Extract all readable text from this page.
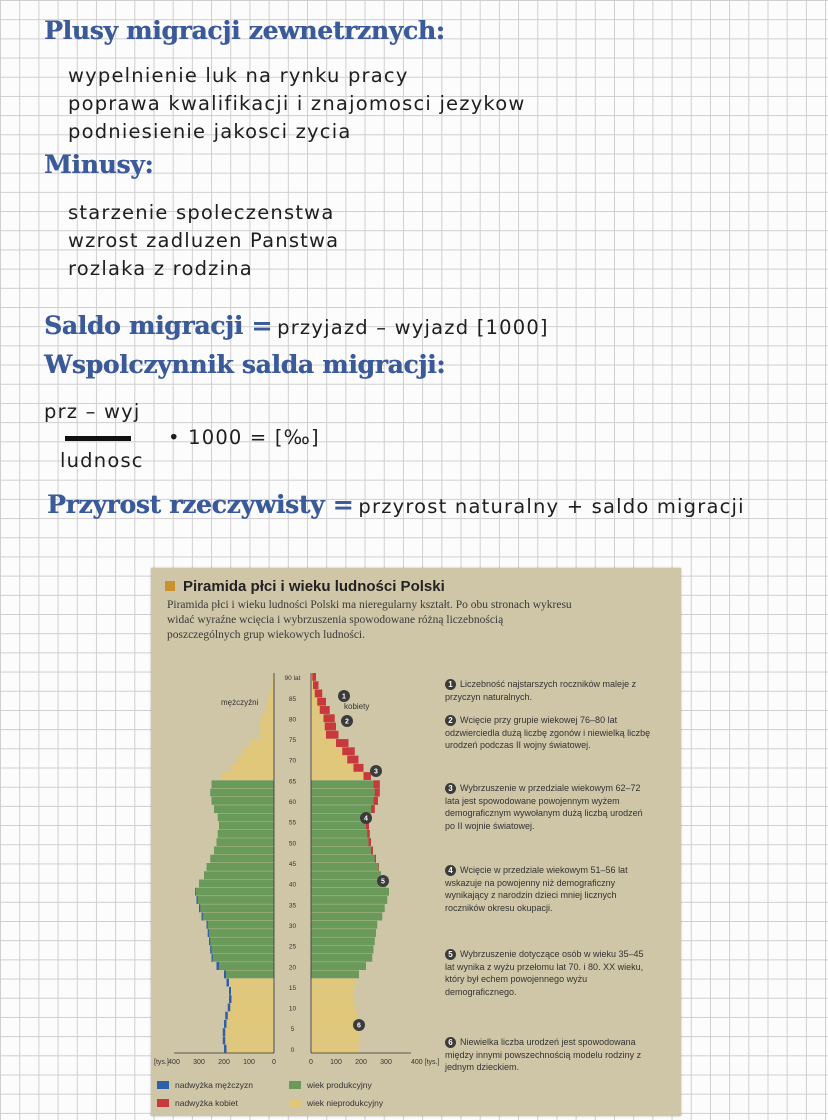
Plusy migracji zewnetrznych:
wypelnienie luk na rynku pracy
poprawa kwalifikacji i znajomosci jezykow
podniesienie jakosci zycia
Minusy:
starzenie spoleczenstwa
wzrost zadluzen Panstwa
rozlaka z rodzina
Saldo migracji = przyjazd – wyjazd [1000]
Wspolczynnik salda migracji:
prz – wyj
ludnosc
• 1000 = [‰]
Przyrost rzeczywisty = przyrost naturalny + saldo migracji
Piramida płci i wieku ludności Polski
Piramida płci i wieku ludności Polski ma nieregularny kształt. Po obu stronach wykresu widać wyraźne wcięcia i wybrzuszenia spowodowane różną liczebnością poszczególnych grup wiekowych ludności.
0
5
10
15
20
25
30
35
40
45
50
55
60
65
70
75
80
85
90 lat
400 300 200 100 0	0 100 200 300	400 [tys.]
[tys.]
1
2
3
4
5
6
mężczyźni	kobiety
1 Liczebność najstarszych roczników maleje z przyczyn naturalnych.
2 Wcięcie przy grupie wiekowej 76–80 lat odzwierciedla dużą liczbę zgonów i niewielką liczbę urodzeń podczas II wojny światowej.
3 Wybrzuszenie w przedziale wiekowym 62–72 lata jest spowodowane powojennym wyżem demograficznym wywołanym dużą liczbą urodzeń po II wojnie światowej.
4 Wcięcie w przedziale wiekowym 51–56 lat wskazuje na powojenny niż demograficzny wynikający z narodzin dzieci mniej licznych roczników okresu okupacji.
5 Wybrzuszenie dotyczące osób w wieku 35–45 lat wynika z wyżu przełomu lat 70. i 80. XX wieku, który był echem powojennego wyżu demograficznego.
6 Niewielka liczba urodzeń jest spowodowana między innymi powszechnością modelu rodziny z jednym dzieckiem.
nadwyżka mężczyzn
nadwyżka kobiet
wiek produkcyjny
wiek nieprodukcyjny
